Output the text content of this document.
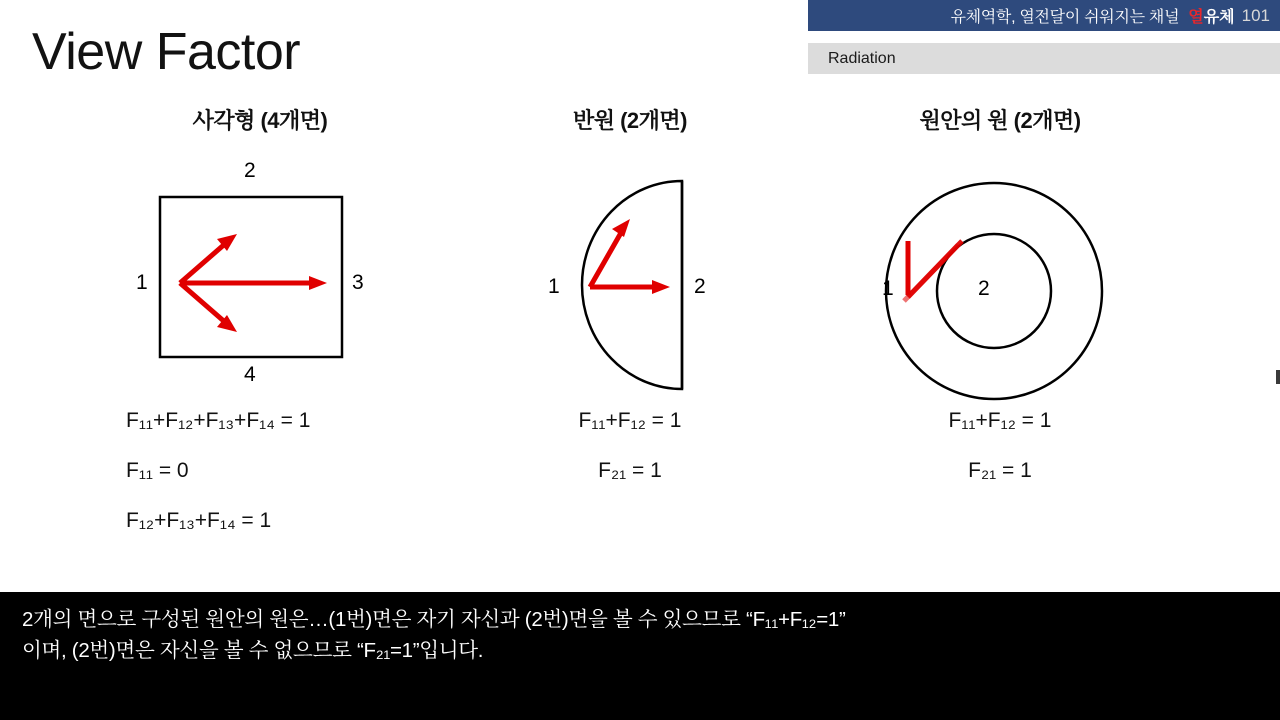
유체역학, 열전달이 쉬워지는 채널 열 유체 101
Radiation
View Factor
사각형 (4개면)
1
2
3
4
F₁₁+F₁₂+F₁₃+F₁₄ = 1
F₁₁ = 0
F₁₂+F₁₃+F₁₄ = 1
반원 (2개면)
1	2
F₁₁+F₁₂ = 1
F₂₁ = 1
원안의 원 (2개면)
1	2
F₁₁+F₁₂ = 1
F₂₁ = 1
2개의 면으로 구성된 원안의 원은…(1번)면은 자기 자신과 (2번)면을 볼 수 있으므로 “F₁₁+F₁₂=1”
이며, (2번)면은 자신을 볼 수 없으므로 “F₂₁=1”입니다.
